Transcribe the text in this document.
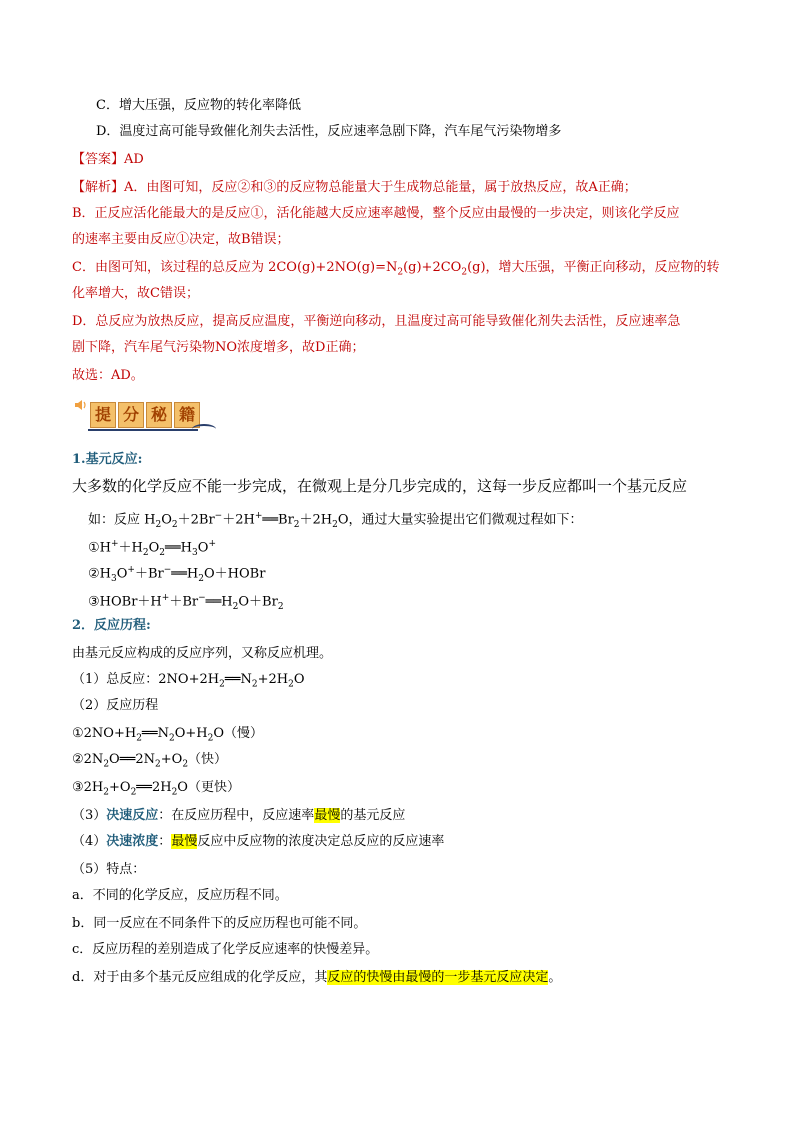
C．增大压强，反应物的转化率降低
D．温度过高可能导致催化剂失去活性，反应速率急剧下降，汽车尾气污染物增多
【答案】AD
【解析】A．由图可知，反应②和③的反应物总能量大于生成物总能量，属于放热反应，故A正确；
B．正反应活化能最大的是反应①，活化能越大反应速率越慢，整个反应由最慢的一步决定，则该化学反应
的速率主要由反应①决定，故B错误；
C．由图可知，该过程的总反应为 $2CO(g)+2NO(g)=N_2(g)+2CO_2(g)$，增大压强，平衡正向移动，反应物的转
化率增大，故C错误；
D．总反应为放热反应，提高反应温度，平衡逆向移动，且温度过高可能导致催化剂失去活性，反应速率急
剧下降，汽车尾气污染物NO浓度增多，故D正确；
故选：AD。
提 分 秘 籍
1.基元反应:
大多数的化学反应不能一步完成，在微观上是分几步完成的，这每一步反应都叫一个基元反应
如：反应 $H_2O_2+2Br^-+2H^+══Br_2+2H_2O$，通过大量实验提出它们微观过程如下：
$①H^++H_2O_2══H_3O^+$
$②H_3O^++Br^-══H_2O+HOBr$
$③HOBr+H^++Br^-══H_2O+Br_2$
2．反应历程:
由基元反应构成的反应序列，又称反应机理。
（1）总反应：$2NO+2H_2══N_2+2H_2O$
（2）反应历程
$①2NO+H_2══N_2O+H_2O$（慢）
$②2N_2O══2N_2+O_2$（快）
$③2H_2+O_2══2H_2O$（更快）
（3）决速反应：在反应历程中，反应速率最慢的基元反应
（4）决速浓度：最慢反应中反应物的浓度决定总反应的反应速率
（5）特点：
a．不同的化学反应，反应历程不同。
b．同一反应在不同条件下的反应历程也可能不同。
c．反应历程的差别造成了化学反应速率的快慢差异。
d．对于由多个基元反应组成的化学反应，其反应的快慢由最慢的一步基元反应决定。
